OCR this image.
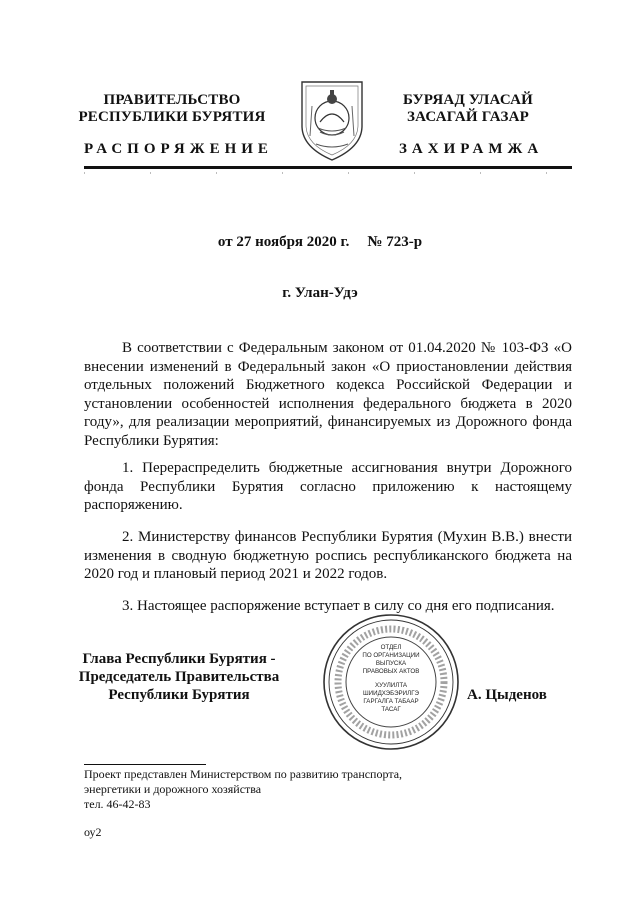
ПРАВИТЕЛЬСТВО
РЕСПУБЛИКИ БУРЯТИЯ
БУРЯАД УЛАСАЙ
ЗАСАГАЙ ГАЗАР
РАСПОРЯЖЕНИЕ	ЗАХИРАМЖА
от 27 ноября 2020 г. № 723-р
г. Улан-Удэ

В соответствии с Федеральным законом от 01.04.2020 № 103-ФЗ «О внесении изменений в Федеральный закон «О приостановлении действия отдельных положений Бюджетного кодекса Российской Федерации и установлении особенностей исполнения федерального бюджета в 2020 году», для реализации мероприятий, финансируемых из Дорожного фонда Республики Бурятия:

1. Перераспределить бюджетные ассигнования внутри Дорожного фонда Республики Бурятия согласно приложению к настоящему распоряжению.

2. Министерству финансов Республики Бурятия (Мухин В.В.) внести изменения в сводную бюджетную роспись республиканского бюджета на 2020 год и плановый период 2021 и 2022 годов.

3. Настоящее распоряжение вступает в силу со дня его подписания.

Глава Республики Бурятия -
Председатель Правительства
Республики Бурятия
ОТДЕЛ
ПО ОРГАНИЗАЦИИ
ВЫПУСКА
ПРАВОВЫХ АКТОВ
ХУУЛИЛТА
ШИИДХЭБЭРИЛГЭ
ГАРГАЛГА ТАБААР
ТАСАГ
А. Цыденов
Проект представлен Министерством по развитию транспорта,
энергетики и дорожного хозяйства
тел. 46-42-83
оу2
